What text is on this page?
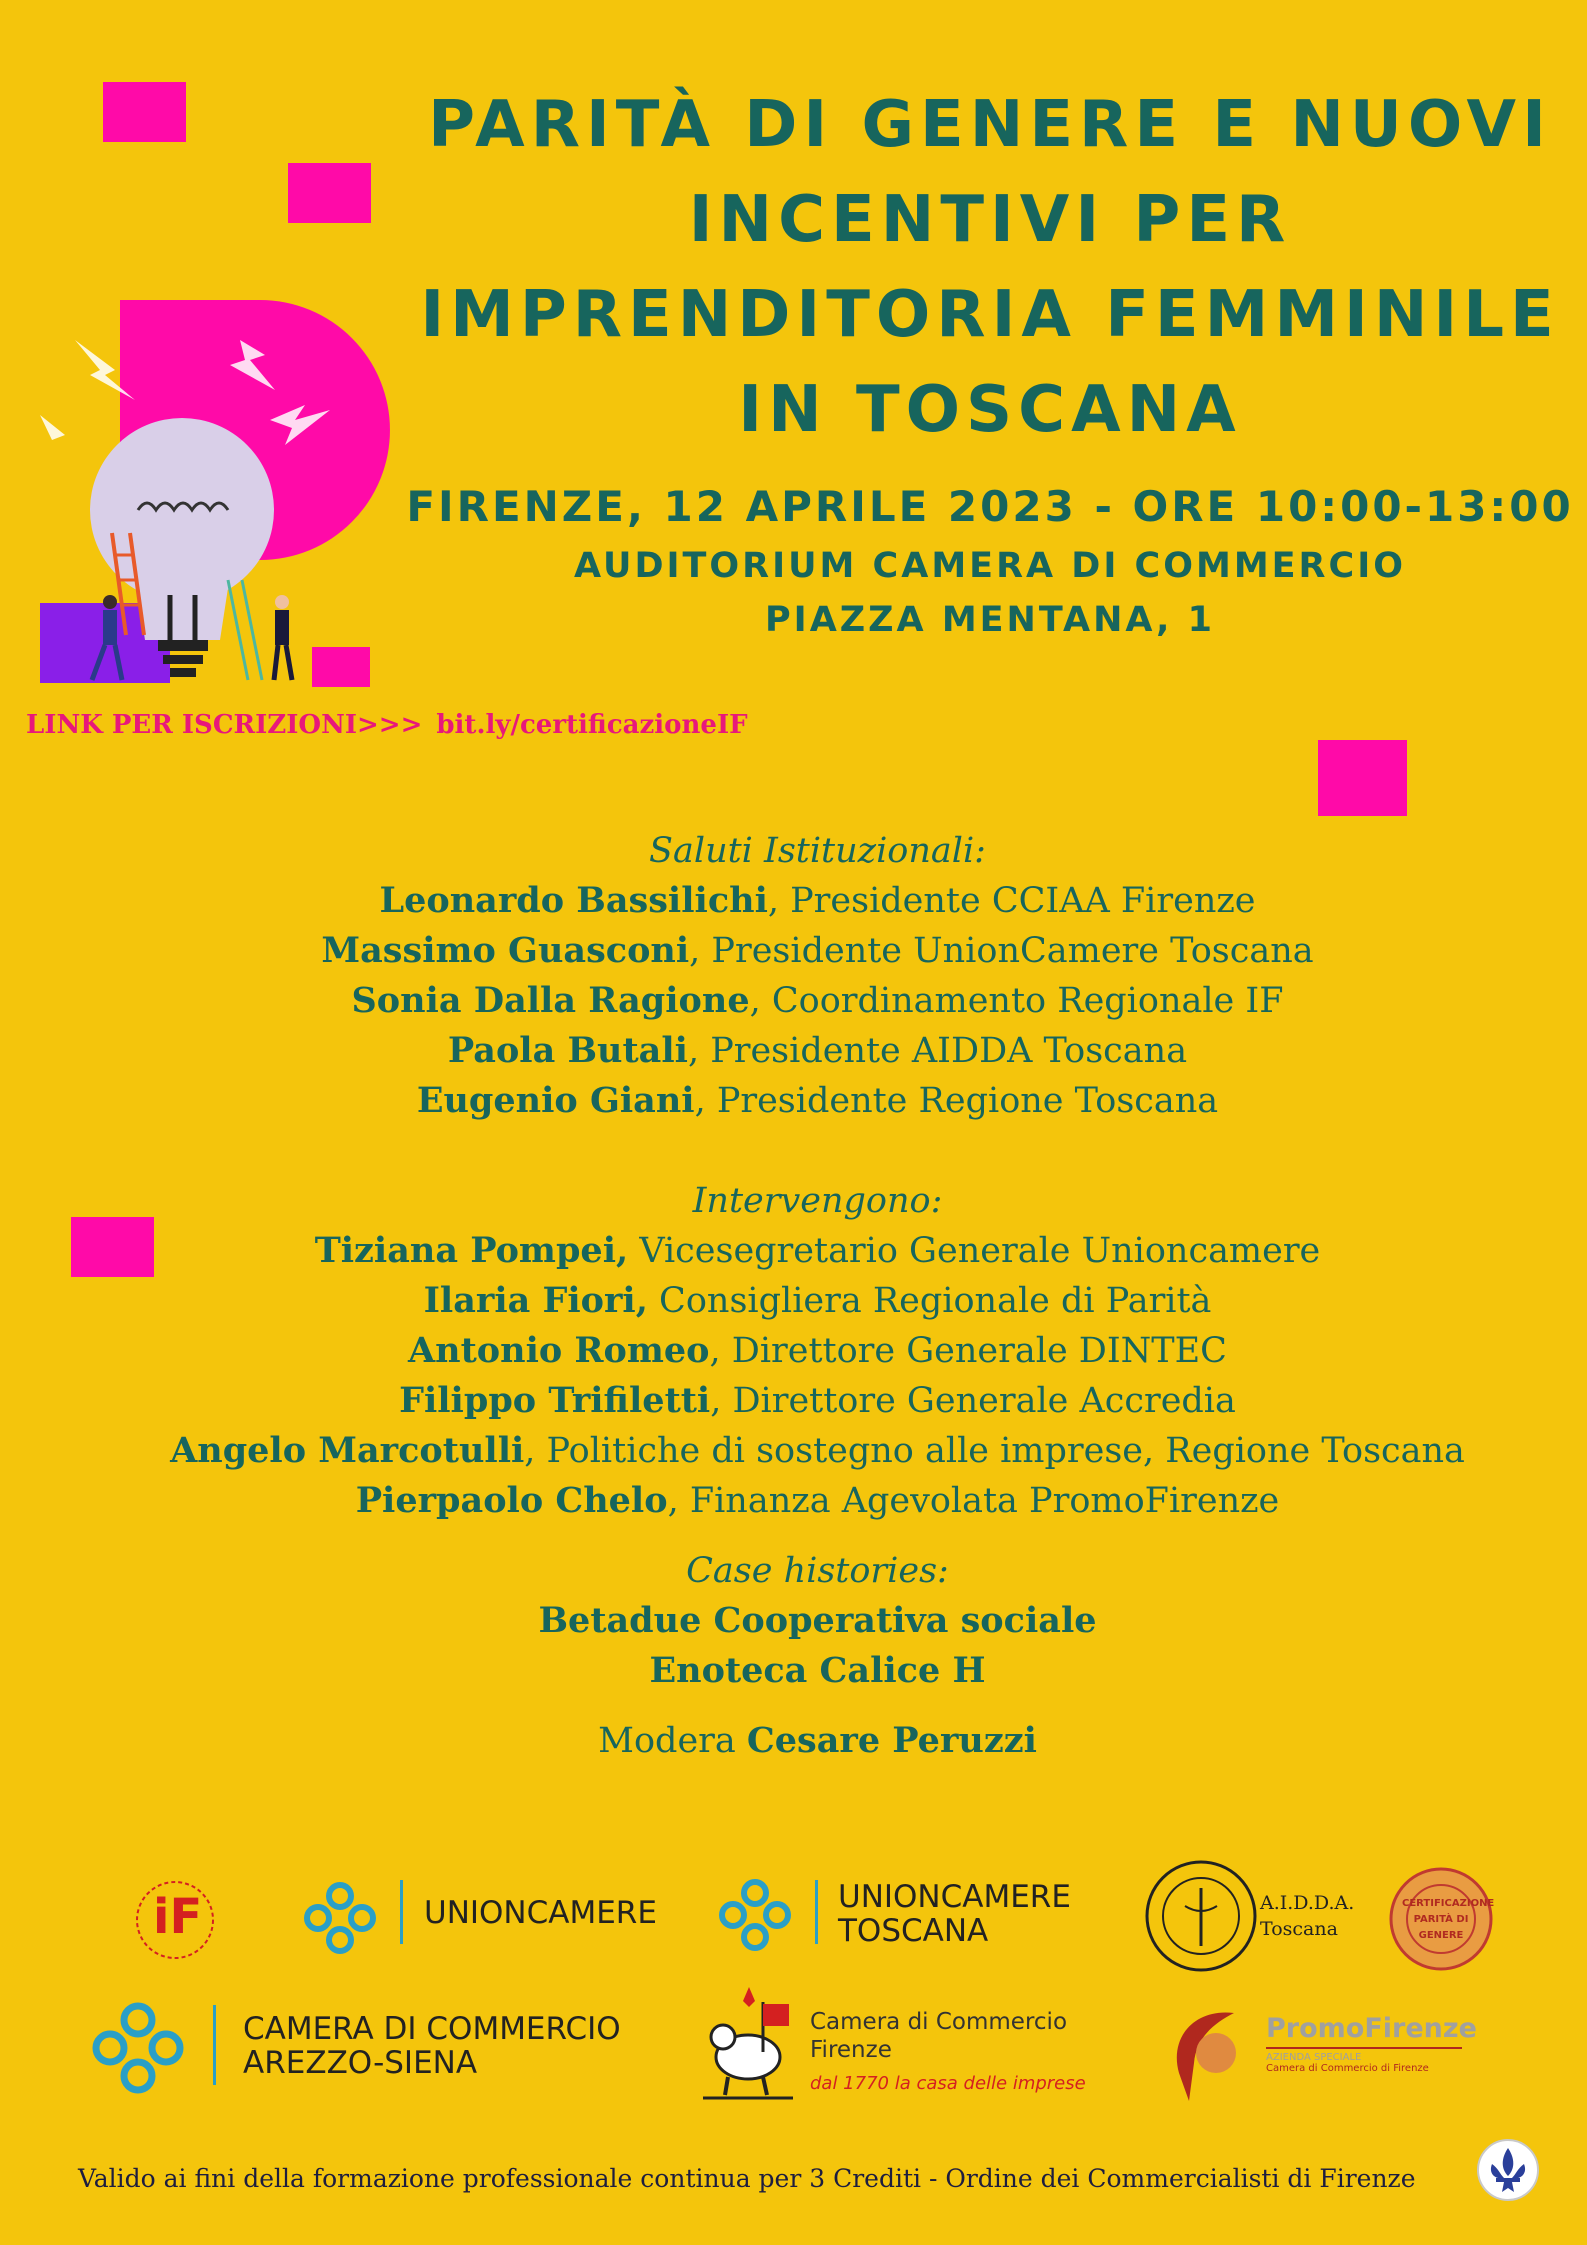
PARITÀ DI GENERE E NUOVI
INCENTIVI PER
IMPRENDITORIA FEMMINILE
IN TOSCANA
FIRENZE, 12 APRILE 2023 - ORE 10:00-13:00
AUDITORIUM CAMERA DI COMMERCIO
PIAZZA MENTANA, 1
LINK PER ISCRIZIONI>>> bit.ly/certificazioneIF
Saluti Istituzionali:
Leonardo Bassilichi, Presidente CCIAA Firenze
Massimo Guasconi, Presidente UnionCamere Toscana
Sonia Dalla Ragione, Coordinamento Regionale IF
Paola Butali, Presidente AIDDA Toscana
Eugenio Giani, Presidente Regione Toscana
Intervengono:
Tiziana Pompei, Vicesegretario Generale Unioncamere
Ilaria Fiori, Consigliera Regionale di Parità
Antonio Romeo, Direttore Generale DINTEC
Filippo Trifiletti, Direttore Generale Accredia
Angelo Marcotulli, Politiche di sostegno alle imprese, Regione Toscana
Pierpaolo Chelo, Finanza Agevolata PromoFirenze
Case histories:
Betadue Cooperativa sociale
Enoteca Calice H
Modera Cesare Peruzzi
iF	UNIONCAMERE	UNIONCAMERE
TOSCANA
A.I.D.D.A.
Toscana
CERTIFICAZIONE PARITÀ DI GENERE
CAMERA DI COMMERCIO
AREZZO-SIENA
Camera di Commercio
Firenze
dal 1770 la casa delle imprese
PromoFirenze
AZIENDA SPECIALE
Camera di Commercio di Firenze
Valido ai fini della formazione professionale continua per 3 Crediti - Ordine dei Commercialisti di Firenze
